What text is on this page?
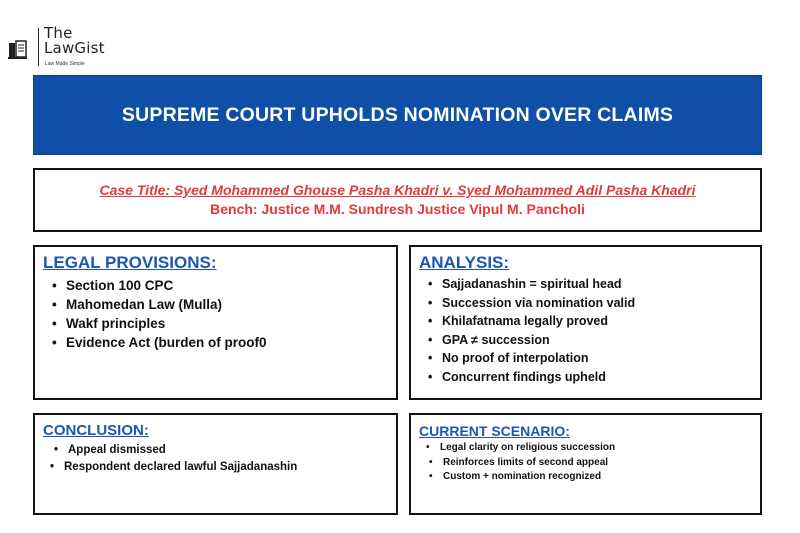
The
LawGist
Law Made Simple
SUPREME COURT UPHOLDS NOMINATION OVER CLAIMS
Case Title: Syed Mohammed Ghouse Pasha Khadri v. Syed Mohammed Adil Pasha Khadri
Bench: Justice M.M. Sundresh Justice Vipul M. Pancholi
LEGAL PROVISIONS:
• Section 100 CPC
• Mahomedan Law (Mulla)
• Wakf principles
• Evidence Act (burden of proof0
ANALYSIS:
• Sajjadanashin = spiritual head
• Succession via nomination valid
• Khilafatnama legally proved
• GPA ≠ succession
• No proof of interpolation
• Concurrent findings upheld
CONCLUSION:
• Appeal dismissed
• Respondent declared lawful Sajjadanashin
CURRENT SCENARIO:
• Legal clarity on religious succession
• Reinforces limits of second appeal
• Custom + nomination recognized
